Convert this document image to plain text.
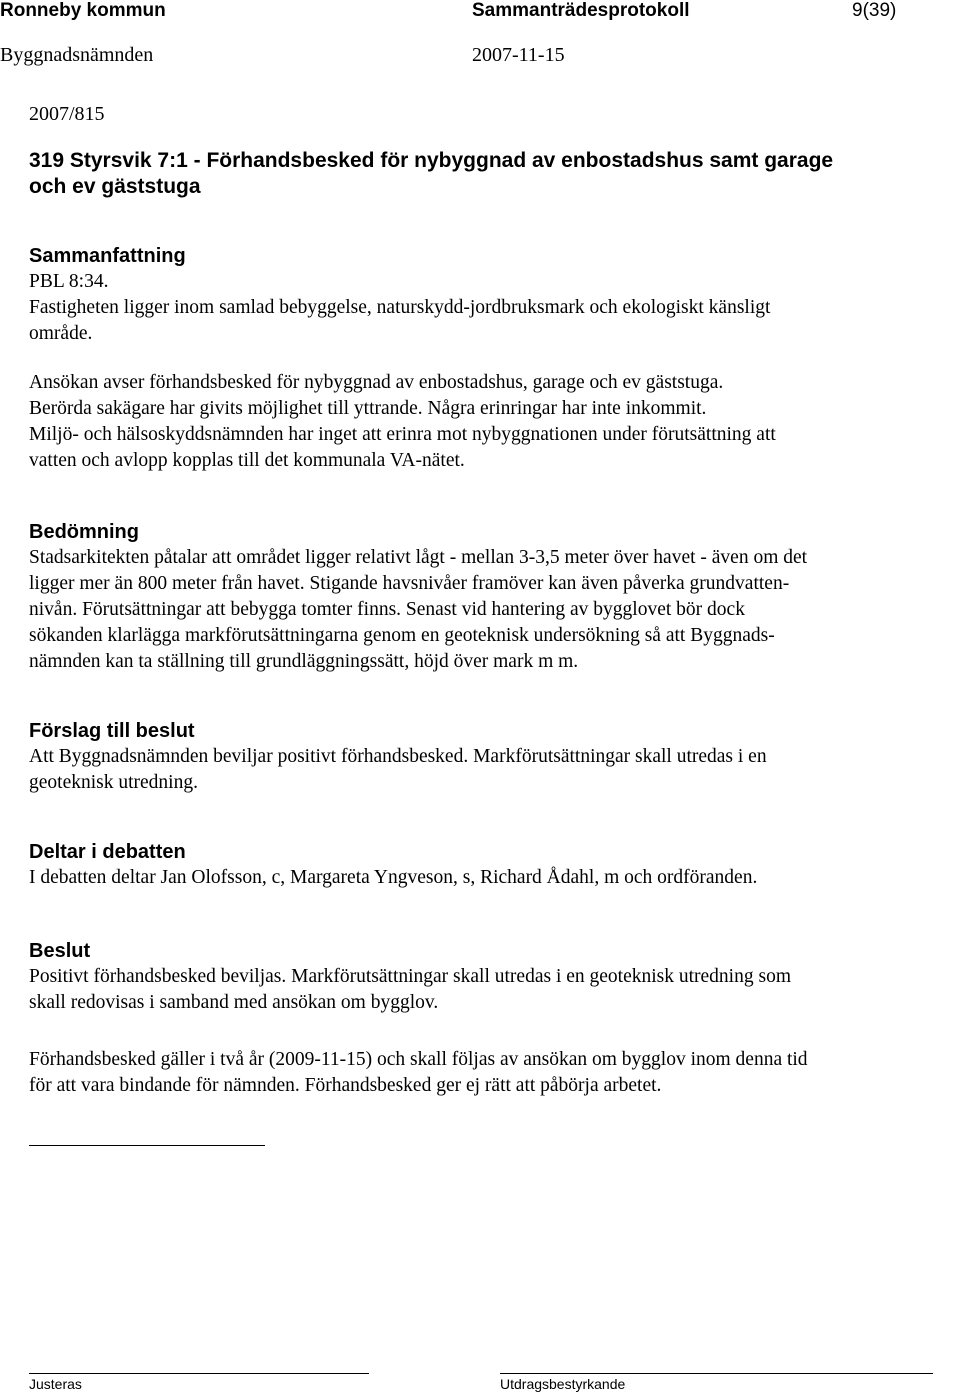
Ronneby kommun	Sammanträdesprotokoll	9(39)
Byggnadsnämnden	2007-11-15
2007/815
319 Styrsvik 7:1 - Förhandsbesked för nybyggnad av enbostadshus samt garage
och ev gäststuga
Sammanfattning
PBL 8:34.
Fastigheten ligger inom samlad bebyggelse, naturskydd-jordbruksmark och ekologiskt känsligt
område.
Ansökan avser förhandsbesked för nybyggnad av enbostadshus, garage och ev gäststuga.
Berörda sakägare har givits möjlighet till yttrande. Några erinringar har inte inkommit.
Miljö- och hälsoskyddsnämnden har inget att erinra mot nybyggnationen under förutsättning att
vatten och avlopp kopplas till det kommunala VA-nätet.
Bedömning
Stadsarkitekten påtalar att området ligger relativt lågt - mellan 3-3,5 meter över havet - även om det
ligger mer än 800 meter från havet. Stigande havsnivåer framöver kan även påverka grundvatten-
nivån. Förutsättningar att bebygga tomter finns. Senast vid hantering av bygglovet bör dock
sökanden klarlägga markförutsättningarna genom en geoteknisk undersökning så att Byggnads-
nämnden kan ta ställning till grundläggningssätt, höjd över mark m m.
Förslag till beslut
Att Byggnadsnämnden beviljar positivt förhandsbesked. Markförutsättningar skall utredas i en
geoteknisk utredning.
Deltar i debatten
I debatten deltar Jan Olofsson, c, Margareta Yngveson, s, Richard Ådahl, m och ordföranden.
Beslut
Positivt förhandsbesked beviljas. Markförutsättningar skall utredas i en geoteknisk utredning som
skall redovisas i samband med ansökan om bygglov.
Förhandsbesked gäller i två år (2009-11-15) och skall följas av ansökan om bygglov inom denna tid
för att vara bindande för nämnden. Förhandsbesked ger ej rätt att påbörja arbetet.
Justeras	Utdragsbestyrkande
